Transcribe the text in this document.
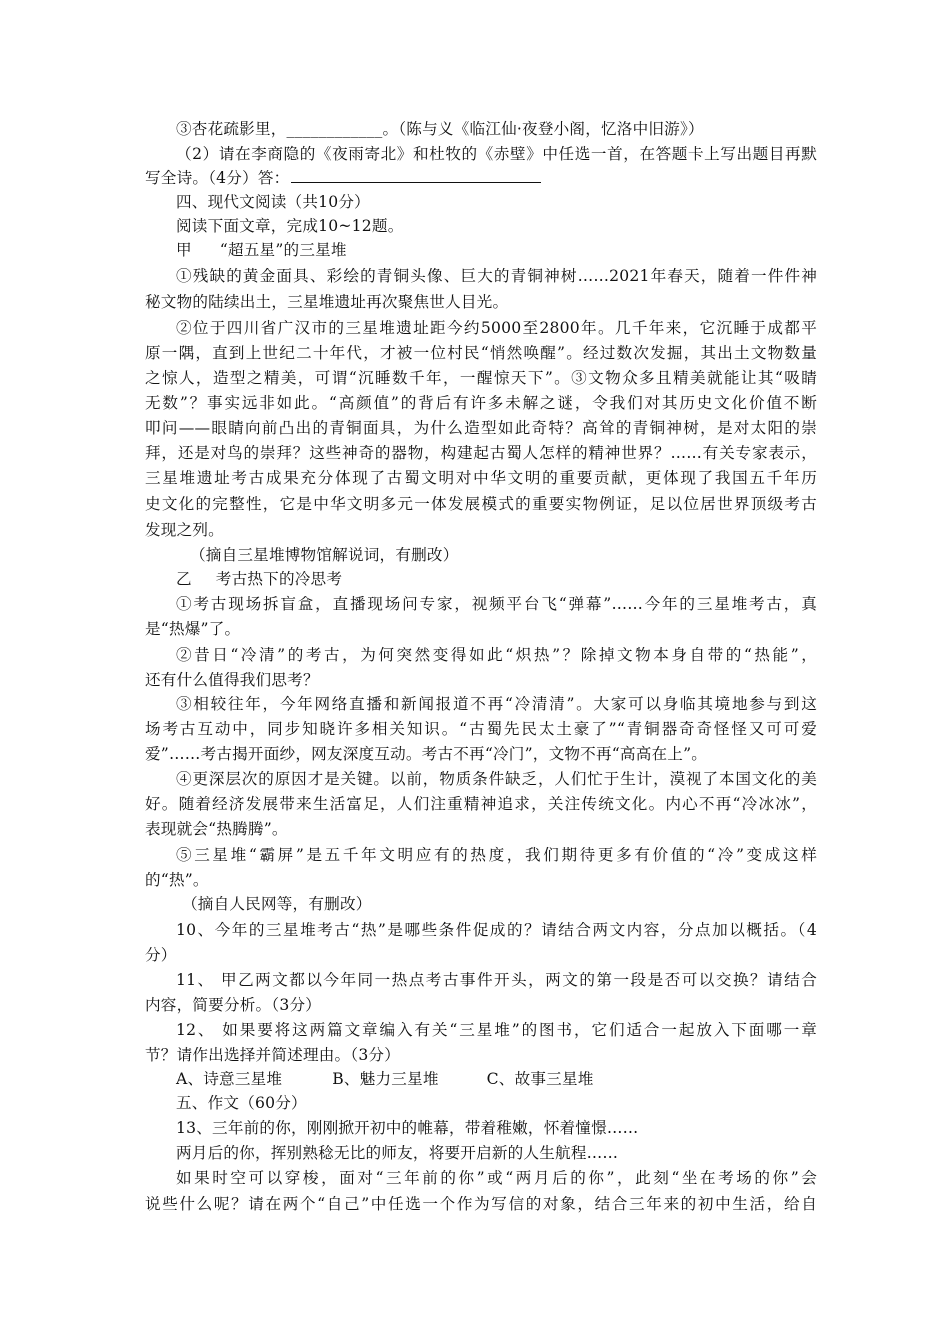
③杏花疏影里，____________。（陈与义《临江仙·夜登小阁，忆洛中旧游》）
（2）请在李商隐的《夜雨寄北》和杜牧的《赤壁》中任选一首，在答题卡上写出题目再默
写全诗。（4分）答：
四、现代文阅读（共10分）
阅读下面文章，完成10~12题。
甲 “超五星”的三星堆
①残缺的黄金面具、彩绘的青铜头像、巨大的青铜神树……2021年春天，随着一件件神
秘文物的陆续出土，三星堆遗址再次聚焦世人目光。
②位于四川省广汉市的三星堆遗址距今约5000至2800年。几千年来，它沉睡于成都平
原一隅，直到上世纪二十年代，才被一位村民“悄然唤醒”。经过数次发掘，其出土文物数量
之惊人，造型之精美，可谓“沉睡数千年，一醒惊天下”。③文物众多且精美就能让其“吸睛
无数”？事实远非如此。“高颜值”的背后有许多未解之谜，令我们对其历史文化价值不断
叩问——眼睛向前凸出的青铜面具，为什么造型如此奇特？高耸的青铜神树，是对太阳的崇
拜，还是对鸟的崇拜？这些神奇的器物，构建起古蜀人怎样的精神世界？……有关专家表示，
三星堆遗址考古成果充分体现了古蜀文明对中华文明的重要贡献，更体现了我国五千年历
史文化的完整性，它是中华文明多元一体发展模式的重要实物例证，足以位居世界顶级考古
发现之列。
（摘自三星堆博物馆解说词，有删改）
乙 考古热下的冷思考
①考古现场拆盲盒，直播现场问专家，视频平台飞“弹幕”……今年的三星堆考古，真
是“热爆”了。
②昔日“冷清”的考古，为何突然变得如此“炽热”？除掉文物本身自带的“热能”，
还有什么值得我们思考？
③相较往年，今年网络直播和新闻报道不再“冷清清”。大家可以身临其境地参与到这
场考古互动中，同步知晓许多相关知识。“古蜀先民太土豪了”“青铜器奇奇怪怪又可可爱
爱”……考古揭开面纱，网友深度互动。考古不再“冷门”，文物不再“高高在上”。
④更深层次的原因才是关键。以前，物质条件缺乏，人们忙于生计，漠视了本国文化的美
好。随着经济发展带来生活富足，人们注重精神追求，关注传统文化。内心不再“冷冰冰”，
表现就会“热腾腾”。
⑤三星堆“霸屏”是五千年文明应有的热度，我们期待更多有价值的“冷”变成这样
的“热”。
（摘自人民网等，有删改）
10、今年的三星堆考古“热”是哪些条件促成的？请结合两文内容，分点加以概括。（4
分）
11、 甲乙两文都以今年同一热点考古事件开头，两文的第一段是否可以交换？请结合
内容，简要分析。（3分）
12、 如果要将这两篇文章编入有关“三星堆”的图书，它们适合一起放入下面哪一章
节？请作出选择并简述理由。（3分）
A、诗意三星堆	B、魅力三星堆	C、故事三星堆
五、作文（60分）
13、三年前的你，刚刚掀开初中的帷幕，带着稚嫩，怀着憧憬……
两月后的你，挥别熟稔无比的师友，将要开启新的人生航程……
如果时空可以穿梭，面对“三年前的你”或“两月后的你”，此刻“坐在考场的你”会
说些什么呢？请在两个“自己”中任选一个作为写信的对象，结合三年来的初中生活，给自
